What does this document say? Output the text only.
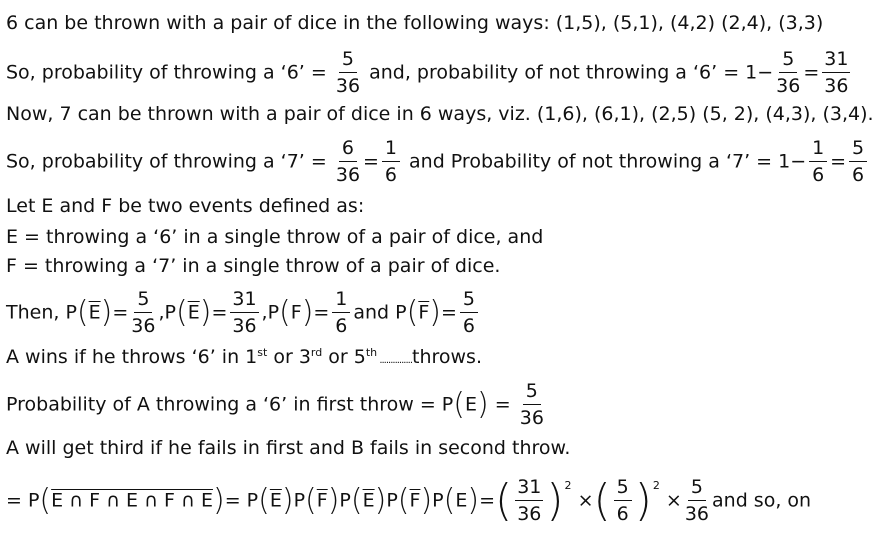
6 can be thrown with a pair of dice in the following ways: (1,5), (5,1), (4,2) (2,4), (3,3)
So, probability of throwing a ‘6’ = $\frac{5}{36}$ and, probability of not throwing a ‘6’ = $1- \frac{5}{36} = \frac{31}{36}$
Now, 7 can be thrown with a pair of dice in 6 ways, viz. (1,6), (6,1), (2,5) (5, 2), (4,3), (3,4).
So, probability of throwing a ‘7’ = $\frac{6}{36} = \frac{1}{6}$ and Probability of not throwing a ‘7’ = $1- \frac{1}{6} = \frac{5}{6}$
Let E and F be two events defined as:
E = throwing a ‘6’ in a single throw of a pair of dice, and
F = throwing a ‘7’ in a single throw of a pair of dice.
Then, $P(\overline{E})= \frac{5}{36} ,P(\overline{E})= \frac{31}{36} ,P(F)= \frac{1}{6}$ and $P(\overline{F})= \frac{5}{6}$
A wins if he throws ‘6’ in 1st or 3rd or 5th ...............throws.
Probability of A throwing a ‘6’ in first throw = $P(E) = \frac{5}{36}$
A will get third if he fails in first and B fails in second throw.
= P(E ∩ F ∩ E ∩ F ∩ $E)= P(\overline{E})P(\overline{F})P(\overline{E})P(\overline{F})P(E)=( \frac{31}{36} )^2$ ×( $\frac{5}{6} )^2 \times \frac{5}{36}$ and so, on
